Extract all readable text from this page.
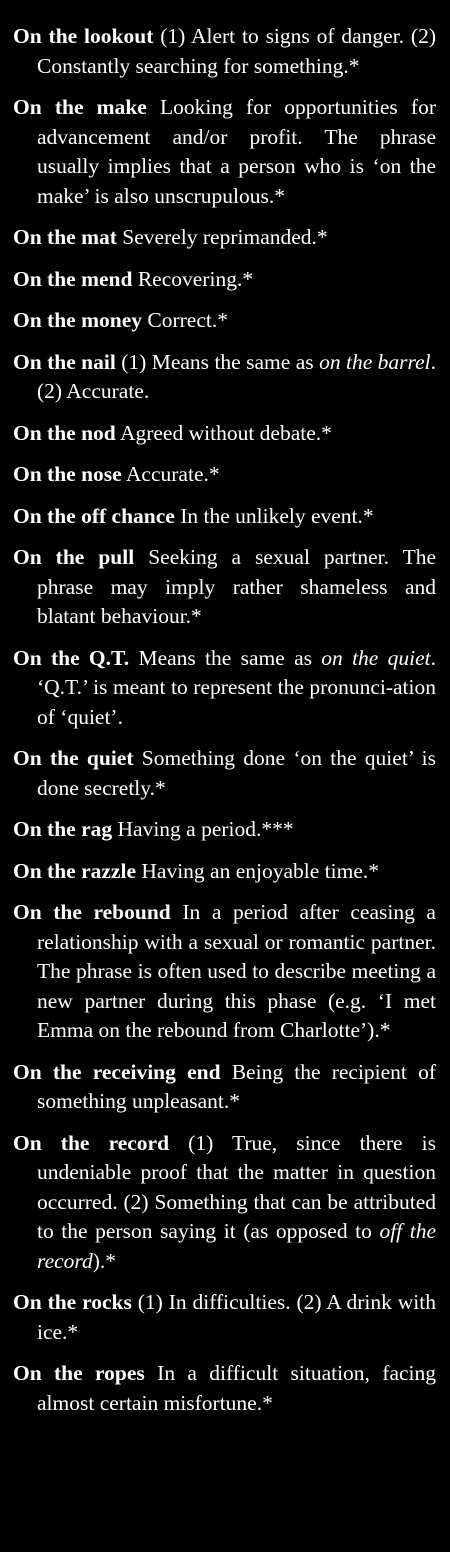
On the lookout (1) Alert to signs of danger. (2) Constantly searching for something.*

On the make Looking for opportunities for advancement and/or profit. The phrase usually implies that a person who is ‘on the make’ is also unscrupulous.*

On the mat Severely reprimanded.*

On the mend Recovering.*

On the money Correct.*

On the nail (1) Means the same as on the barrel. (2) Accurate.

On the nod Agreed without debate.*

On the nose Accurate.*

On the off chance In the unlikely event.*

On the pull Seeking a sexual partner. The phrase may imply rather shameless and blatant behaviour.*

On the Q.T. Means the same as on the quiet. ‘Q.T.’ is meant to represent the pronunci-ation of ‘quiet’.

On the quiet Something done ‘on the quiet’ is done secretly.*

On the rag Having a period.***

On the razzle Having an enjoyable time.*

On the rebound In a period after ceasing a relationship with a sexual or romantic partner. The phrase is often used to describe meeting a new partner during this phase (e.g. ‘I met Emma on the rebound from Charlotte’).*

On the receiving end Being the recipient of something unpleasant.*

On the record (1) True, since there is undeniable proof that the matter in question occurred. (2) Something that can be attributed to the person saying it (as opposed to off the record).*

On the rocks (1) In difficulties. (2) A drink with ice.*

On the ropes In a difficult situation, facing almost certain misfortune.*
